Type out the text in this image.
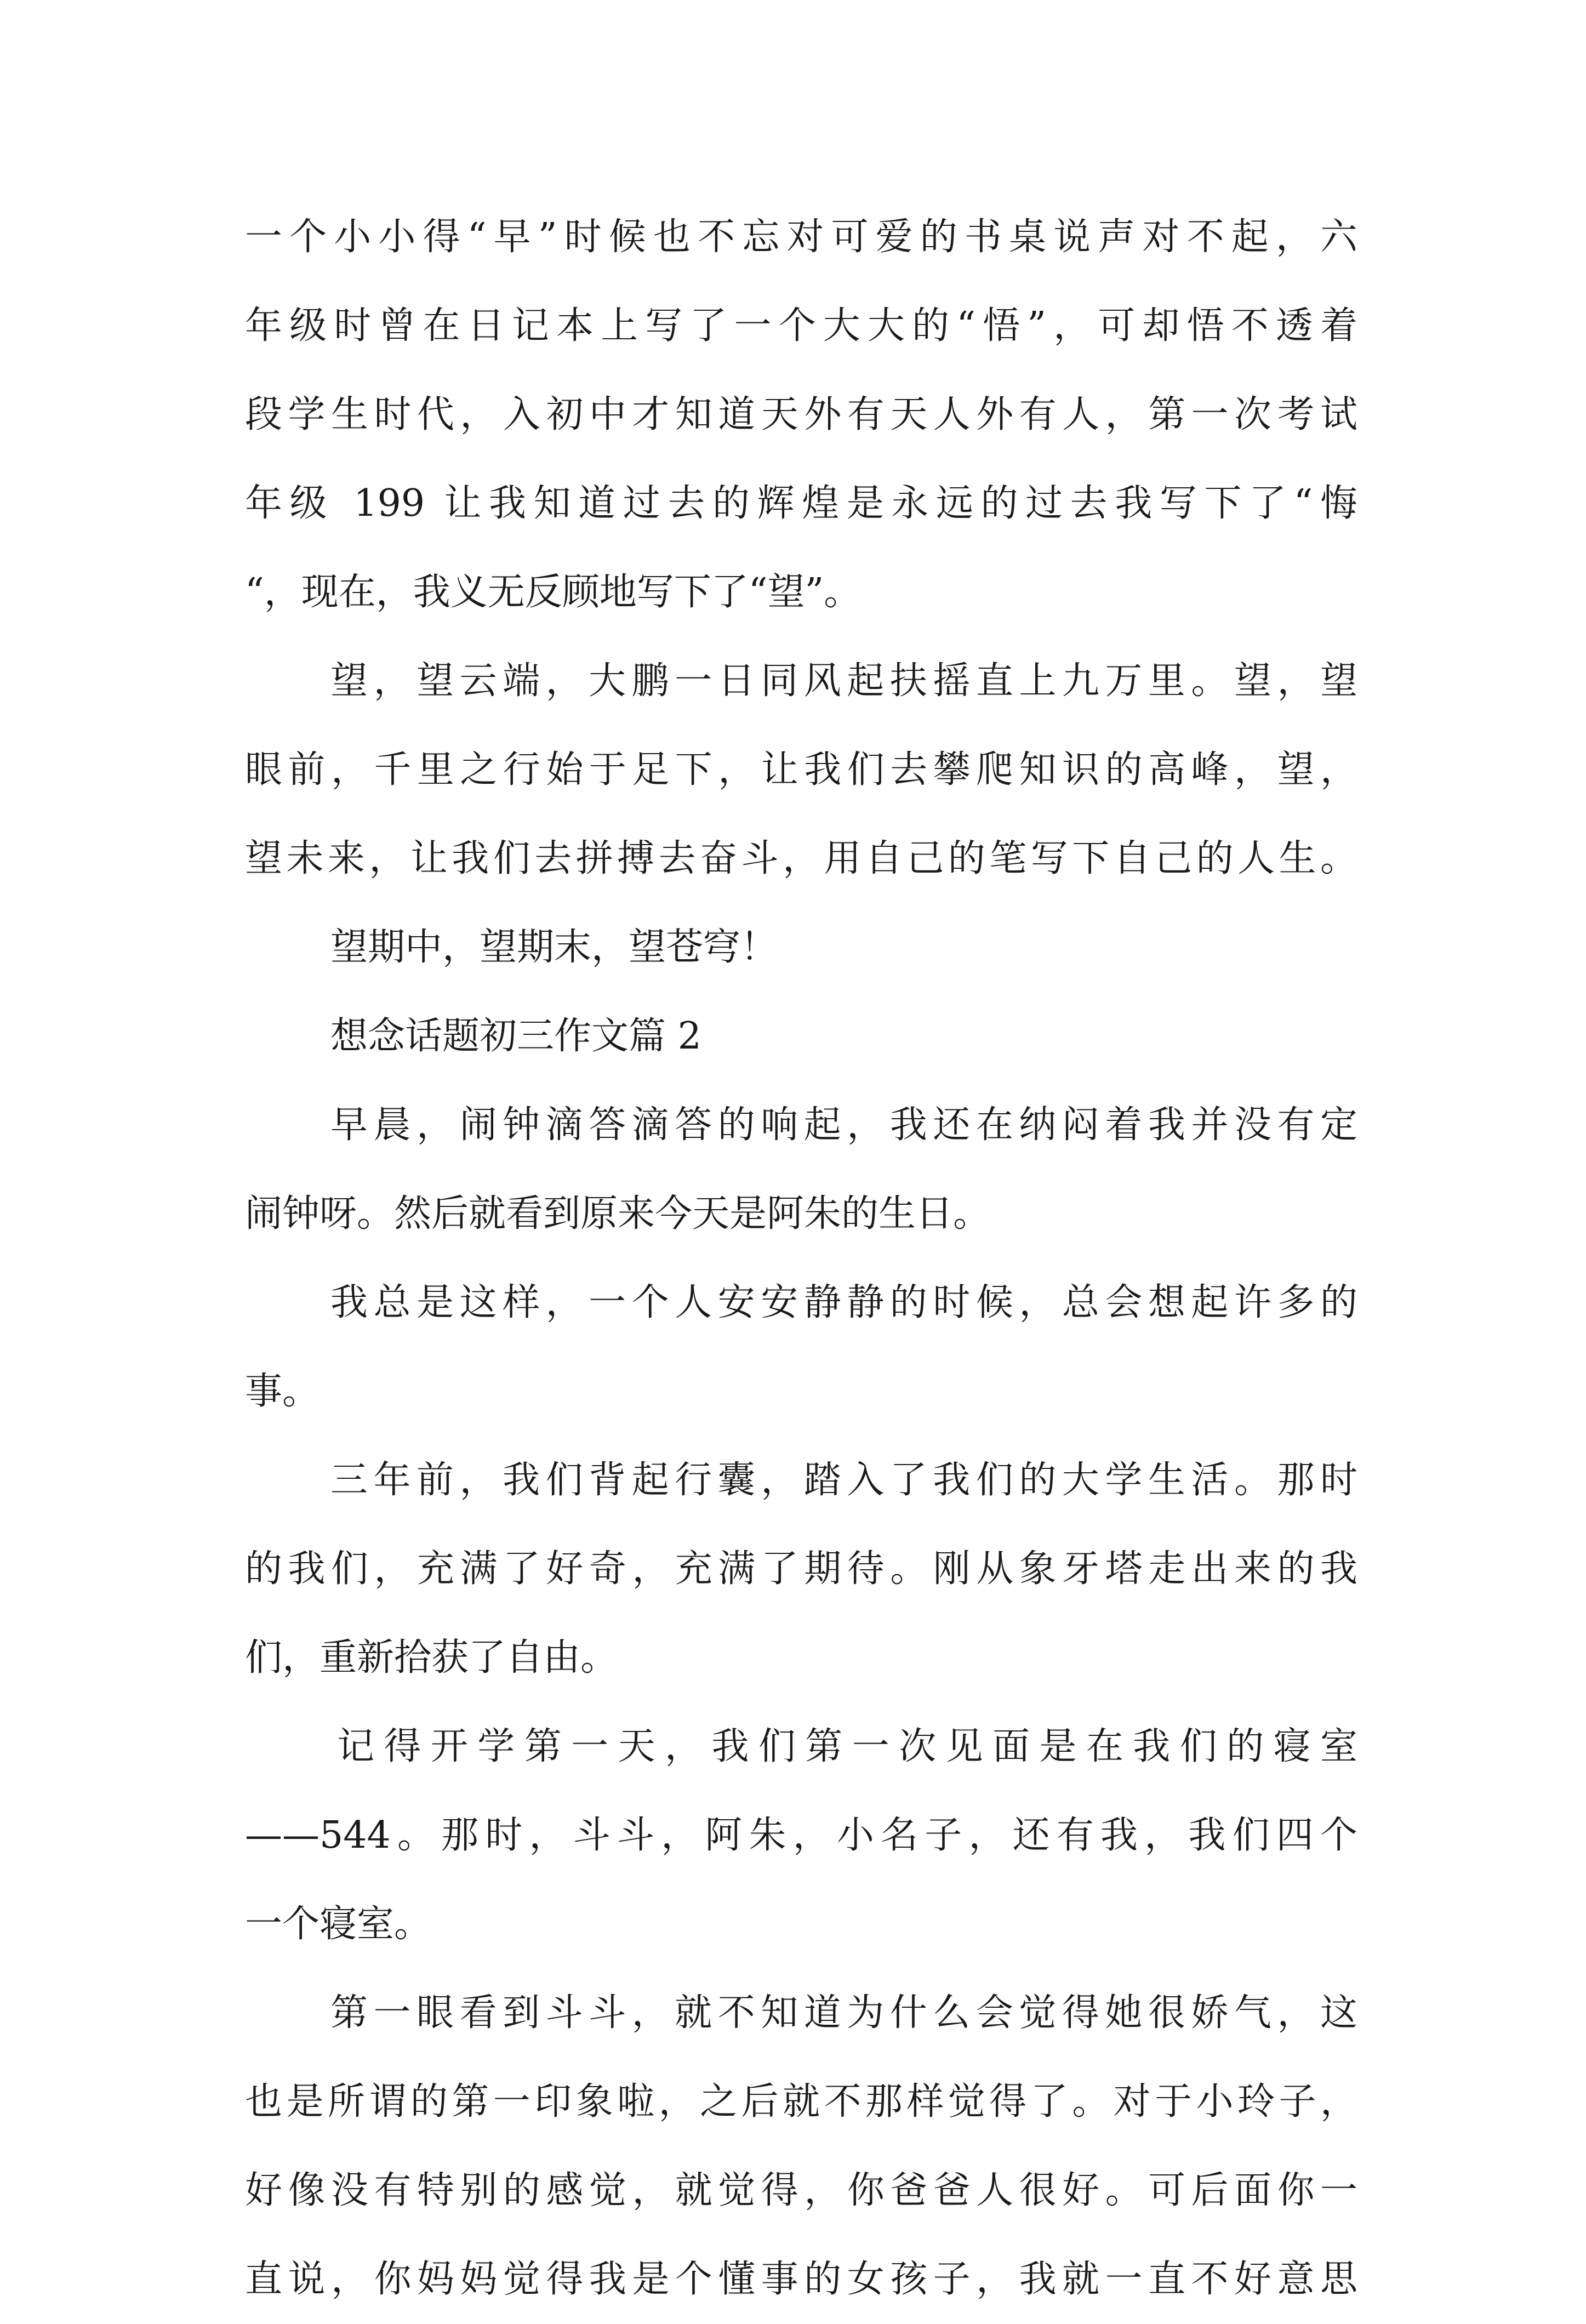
一个小小得“早”时候也不忘对可爱的书桌说声对不起，六
年级时曾在日记本上写了一个大大的“悟”，可却悟不透着
段学生时代，入初中才知道天外有天人外有人，第一次考试
年级 199 让我知道过去的辉煌是永远的过去我写下了“悔
“，现在，我义无反顾地写下了“望”。
望，望云端，大鹏一日同风起扶摇直上九万里。望，望
眼前，千里之行始于足下，让我们去攀爬知识的高峰，望，
望未来，让我们去拼搏去奋斗，用自己的笔写下自己的人生。
望期中，望期末，望苍穹！
想念话题初三作文篇 2
早晨，闹钟滴答滴答的响起，我还在纳闷着我并没有定
闹钟呀。然后就看到原来今天是阿朱的生日。
我总是这样，一个人安安静静的时候，总会想起许多的
事。
三年前，我们背起行囊，踏入了我们的大学生活。那时
的我们，充满了好奇，充满了期待。刚从象牙塔走出来的我
们，重新拾获了自由。
记得开学第一天，我们第一次见面是在我们的寝室
——544。那时，斗斗，阿朱，小名子，还有我，我们四个
一个寝室。
第一眼看到斗斗，就不知道为什么会觉得她很娇气，这
也是所谓的第一印象啦，之后就不那样觉得了。对于小玲子，
好像没有特别的感觉，就觉得，你爸爸人很好。可后面你一
直说，你妈妈觉得我是个懂事的女孩子，我就一直不好意思
